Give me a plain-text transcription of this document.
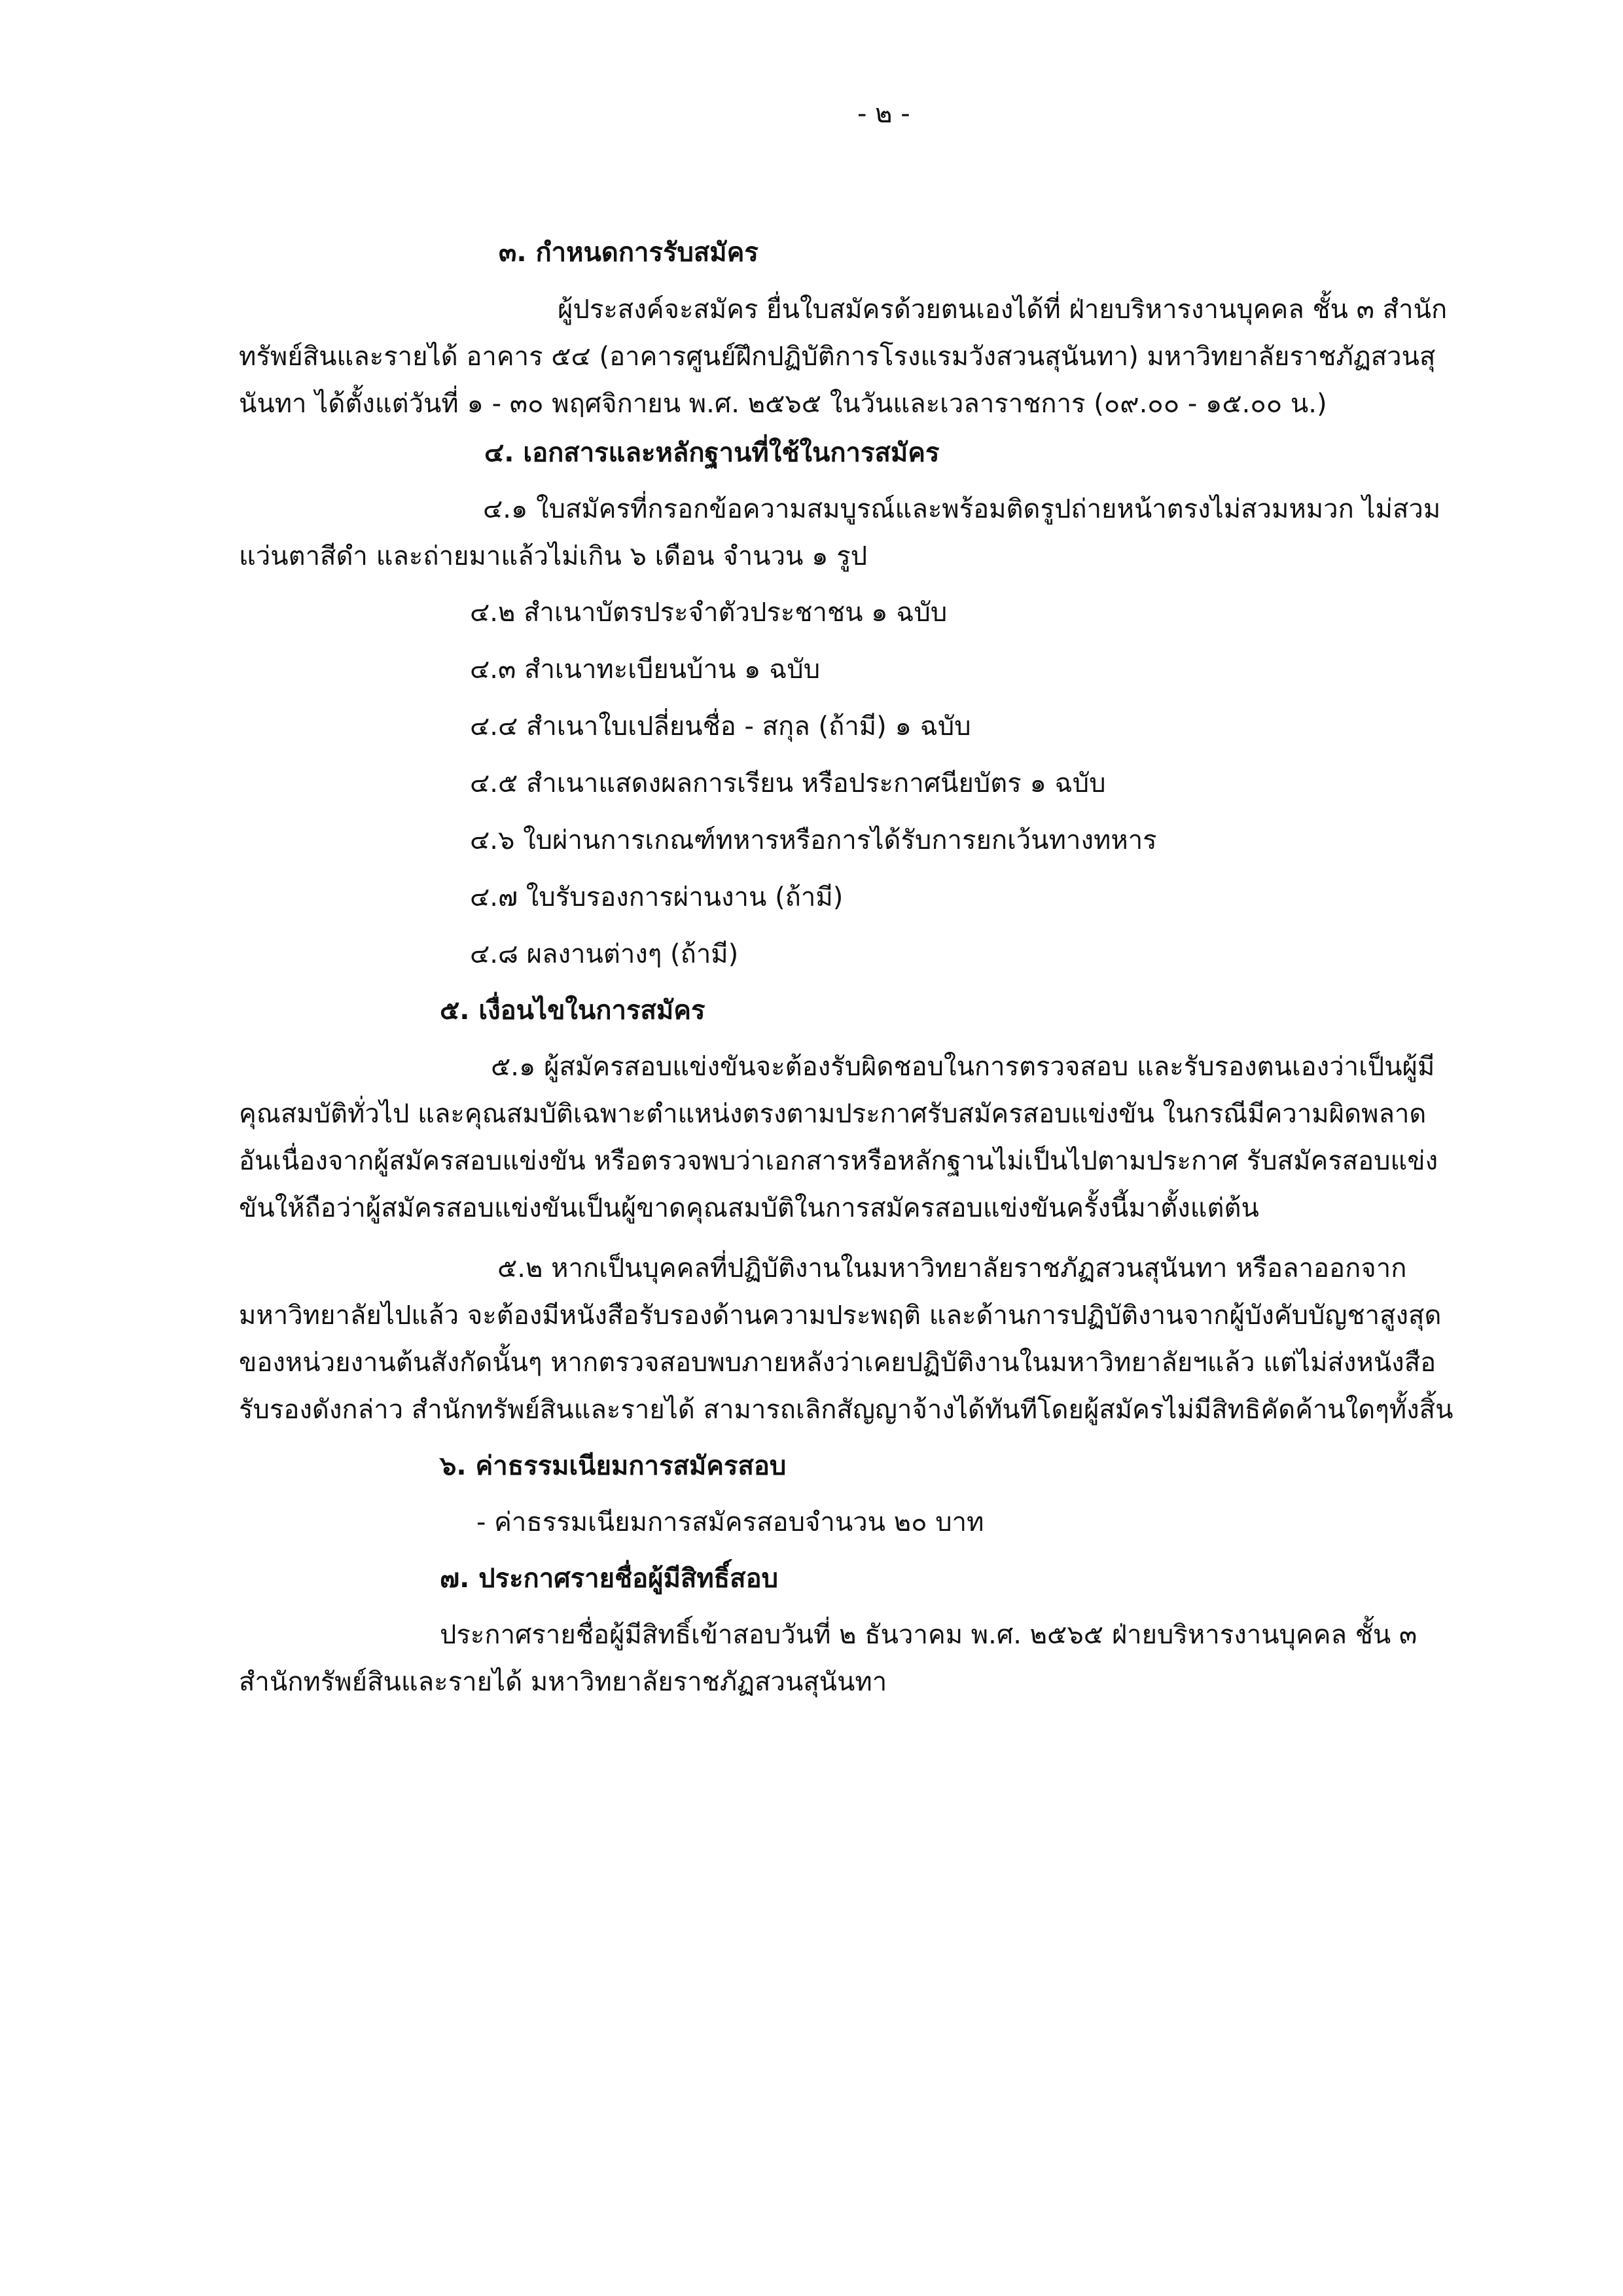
- ๒ -

๓. กำหนดการรับสมัคร

ผู้ประสงค์จะสมัคร ยื่นใบสมัครด้วยตนเองได้ที่ ฝ่ายบริหารงานบุคคล ชั้น ๓ สำนัก

ทรัพย์สินและรายได้ อาคาร ๕๔ (อาคารศูนย์ฝึกปฏิบัติการโรงแรมวังสวนสุนันทา) มหาวิทยาลัยราชภัฏสวนสุ

นันทา ได้ตั้งแต่วันที่ ๑ - ๓๐ พฤศจิกายน พ.ศ. ๒๕๖๕ ในวันและเวลาราชการ (๐๙.๐๐ - ๑๕.๐๐ น.)

๔. เอกสารและหลักฐานที่ใช้ในการสมัคร

๔.๑ ใบสมัครที่กรอกข้อความสมบูรณ์และพร้อมติดรูปถ่ายหน้าตรงไม่สวมหมวก ไม่สวม

แว่นตาสีดำ และถ่ายมาแล้วไม่เกิน ๖ เดือน จำนวน ๑ รูป

๔.๒ สำเนาบัตรประจำตัวประชาชน ๑ ฉบับ

๔.๓ สำเนาทะเบียนบ้าน ๑ ฉบับ

๔.๔ สำเนาใบเปลี่ยนชื่อ - สกุล (ถ้ามี) ๑ ฉบับ

๔.๕ สำเนาแสดงผลการเรียน หรือประกาศนียบัตร ๑ ฉบับ

๔.๖ ใบผ่านการเกณฑ์ทหารหรือการได้รับการยกเว้นทางทหาร

๔.๗ ใบรับรองการผ่านงาน (ถ้ามี)

๔.๘ ผลงานต่างๆ (ถ้ามี)

๕. เงื่อนไขในการสมัคร

๕.๑ ผู้สมัครสอบแข่งขันจะต้องรับผิดชอบในการตรวจสอบ และรับรองตนเองว่าเป็นผู้มี

คุณสมบัติทั่วไป และคุณสมบัติเฉพาะตำแหน่งตรงตามประกาศรับสมัครสอบแข่งขัน ในกรณีมีความผิดพลาด

อันเนื่องจากผู้สมัครสอบแข่งขัน หรือตรวจพบว่าเอกสารหรือหลักฐานไม่เป็นไปตามประกาศ รับสมัครสอบแข่ง

ขันให้ถือว่าผู้สมัครสอบแข่งขันเป็นผู้ขาดคุณสมบัติในการสมัครสอบแข่งขันครั้งนี้มาตั้งแต่ต้น

๕.๒ หากเป็นบุคคลที่ปฏิบัติงานในมหาวิทยาลัยราชภัฏสวนสุนันทา หรือลาออกจาก

มหาวิทยาลัยไปแล้ว จะต้องมีหนังสือรับรองด้านความประพฤติ และด้านการปฏิบัติงานจากผู้บังคับบัญชาสูงสุด

ของหน่วยงานต้นสังกัดนั้นๆ หากตรวจสอบพบภายหลังว่าเคยปฏิบัติงานในมหาวิทยาลัยฯแล้ว แต่ไม่ส่งหนังสือ

รับรองดังกล่าว สำนักทรัพย์สินและรายได้ สามารถเลิกสัญญาจ้างได้ทันทีโดยผู้สมัครไม่มีสิทธิคัดค้านใดๆทั้งสิ้น

๖. ค่าธรรมเนียมการสมัครสอบ

- ค่าธรรมเนียมการสมัครสอบจำนวน ๒๐ บาท

๗. ประกาศรายชื่อผู้มีสิทธิ์สอบ

ประกาศรายชื่อผู้มีสิทธิ์เข้าสอบวันที่ ๒ ธันวาคม พ.ศ. ๒๕๖๕ ฝ่ายบริหารงานบุคคล ชั้น ๓

สำนักทรัพย์สินและรายได้ มหาวิทยาลัยราชภัฏสวนสุนันทา
